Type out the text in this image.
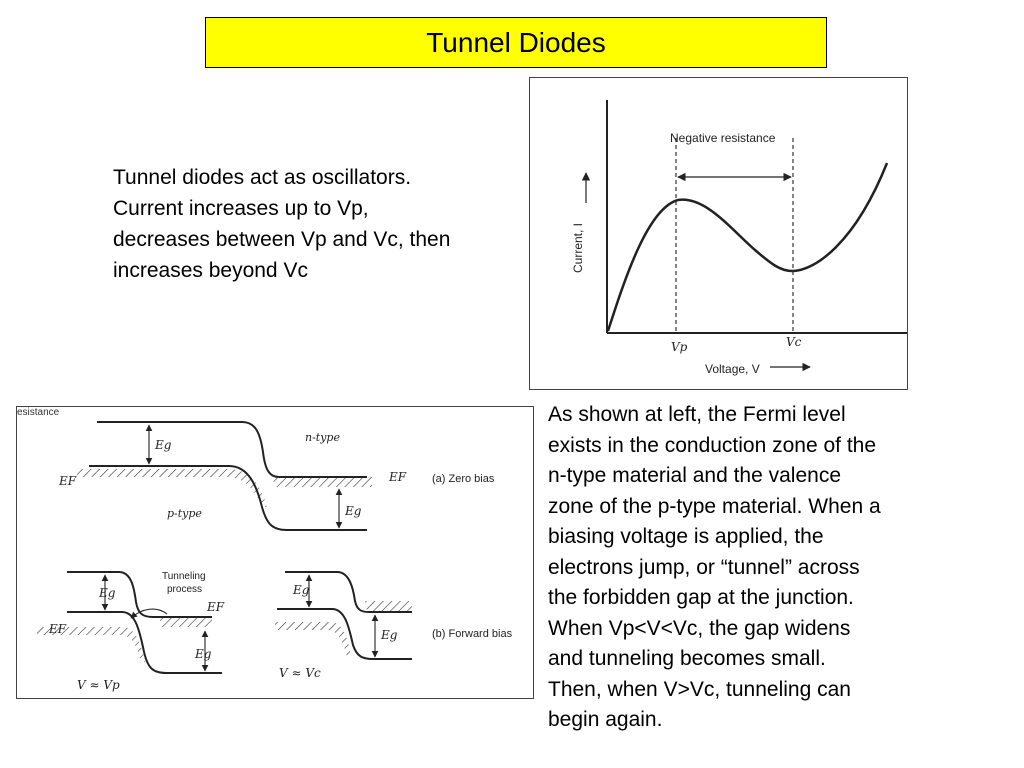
Tunnel Diodes
Tunnel diodes act as oscillators.
Current increases up to Vp,
decreases between Vp and Vc, then
increases beyond Vc
As shown at left, the Fermi level
exists in the conduction zone of the
n-type material and the valence
zone of the p-type material. When a
biasing voltage is applied, the
electrons jump, or “tunnel” across
the forbidden gap at the junction.
When Vp<V<Vc, the gap widens
and tunneling becomes small.
Then, when V>Vc, tunneling can
begin again.
Negative resistance
Current, I
Vp	Vc
Voltage, V
esistance
Eg
Eg
EF	EF
n-type
p-type
(a) Zero bias
Eg
Eg
Tunneling
process
EF
EF
V ≈ Vp
Eg
Eg	(b) Forward bias
V ≈ Vc
